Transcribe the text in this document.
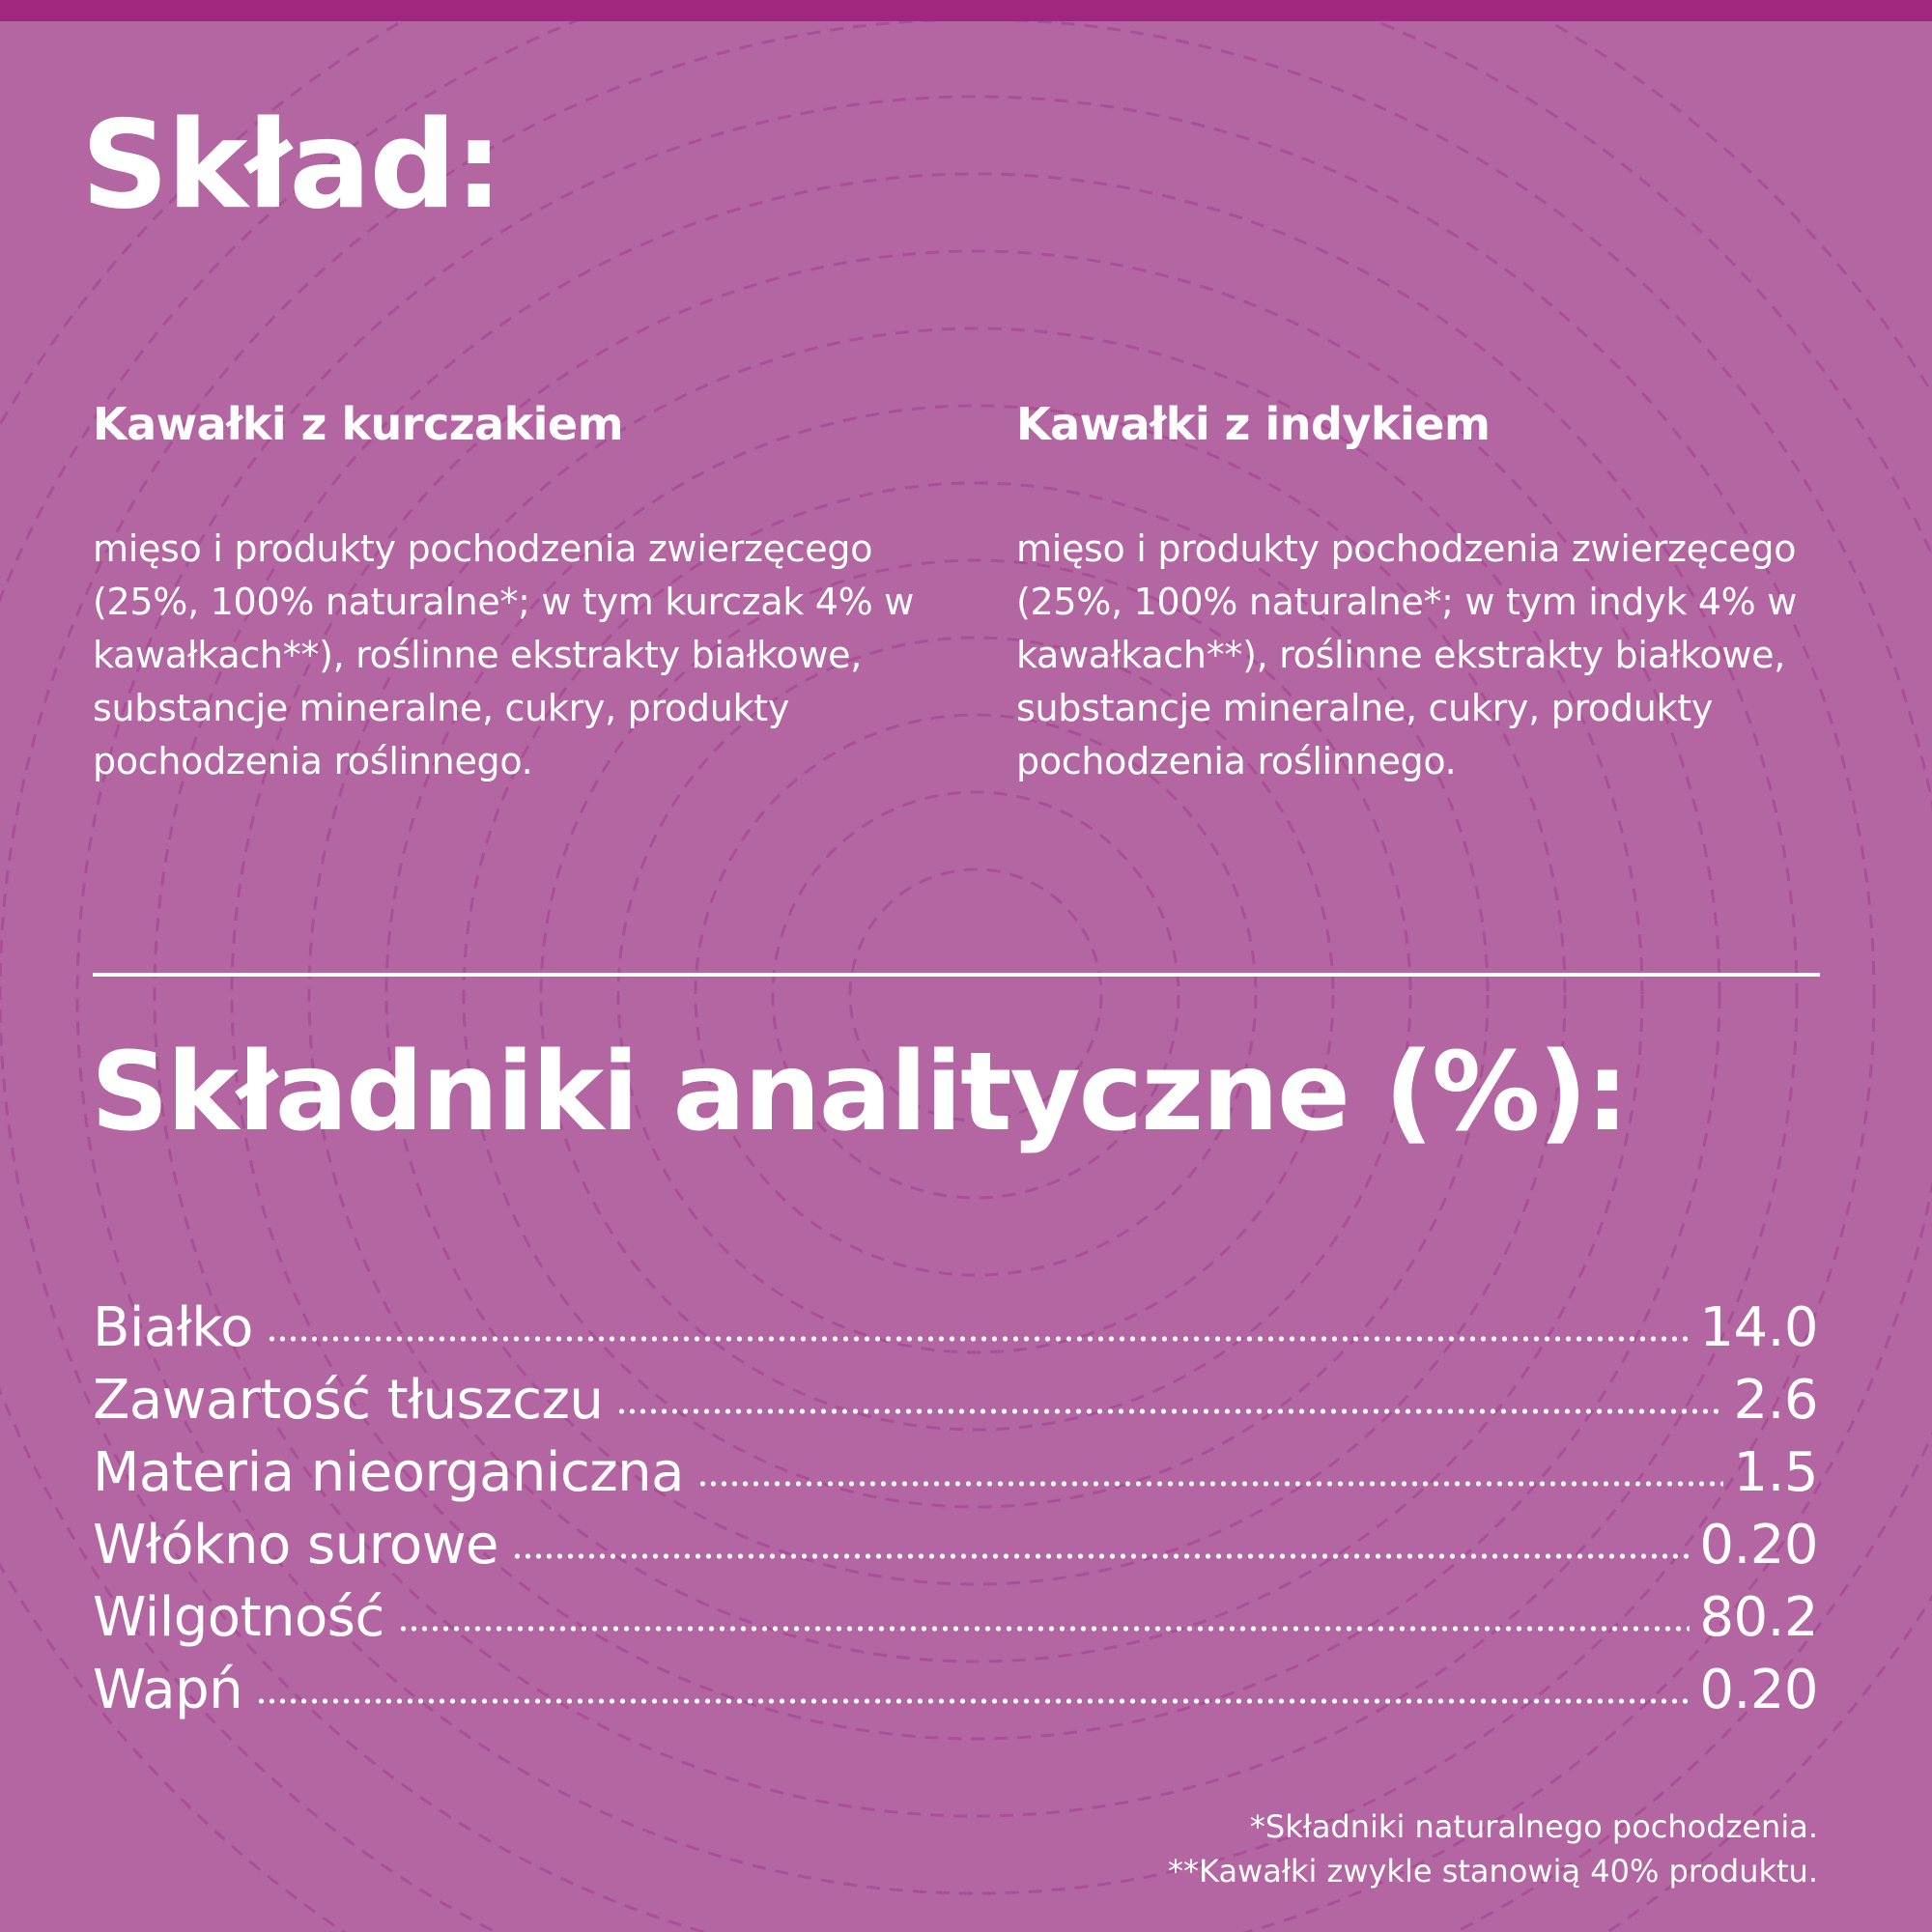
Skład:

Kawałki z kurczakiem

mięso i produkty pochodzenia zwierzęcego (25%, 100% naturalne*; w tym kurczak 4% w kawałkach**), roślinne ekstrakty białkowe, substancje mineralne, cukry, produkty pochodzenia roślinnego.

Kawałki z indykiem

mięso i produkty pochodzenia zwierzęcego (25%, 100% naturalne*; w tym indyk 4% w kawałkach**), roślinne ekstrakty białkowe, substancje mineralne, cukry, produkty pochodzenia roślinnego.

Składniki analityczne (%):
Białko	14.0
Zawartość tłuszczu	2.6
Materia nieorganiczna	1.5
Włókno surowe	0.20
Wilgotność	80.2
Wapń	0.20
*Składniki naturalnego pochodzenia.
**Kawałki zwykle stanowią 40% produktu.
